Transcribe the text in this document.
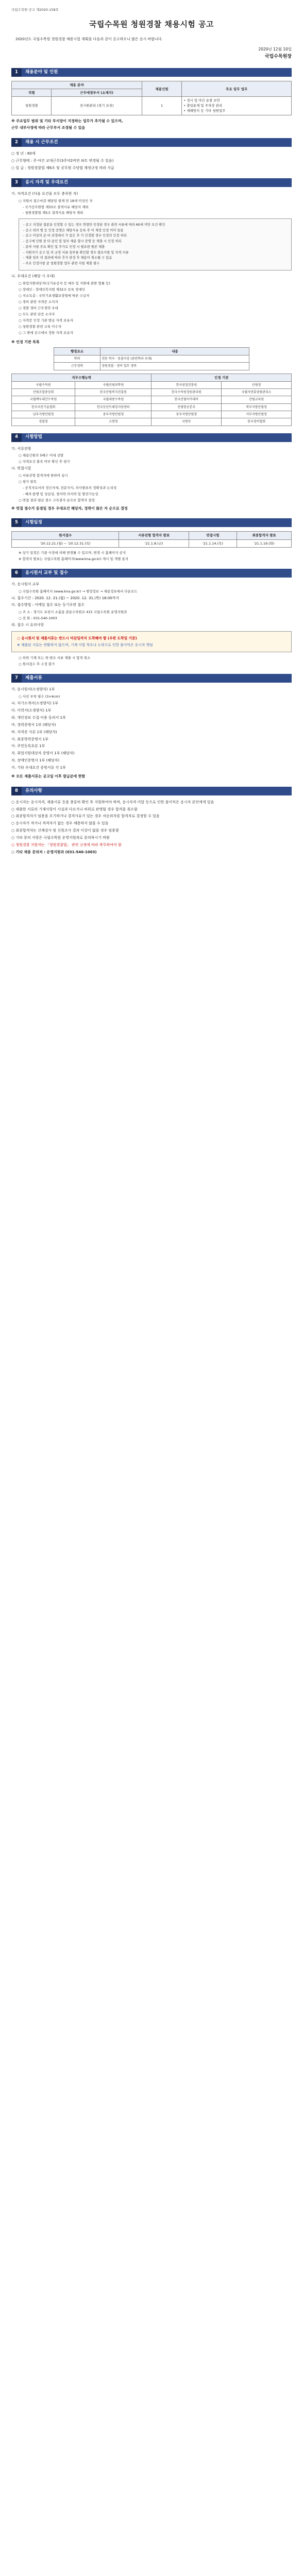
국립수목원 공고 제2020-158호
국립수목원 청원경찰 채용시험 공고
2020년도 국립수목원 청원경찰 채용시험 계획을 다음과 같이 공고하오니 많은 응시 바랍니다.
2020년 12월 10일
국립수목원장
1	채용분야 및 인원
채용 분야		채용인원	주요 임무 업무
직렬	근무예정부서 (소재지)		
청원경찰	전시원관리 (경기 포천)	1	• 정시 및 야간 순찰 보안
• 출입통제 및 주차장 관리
• 재해방지 등 기타 청원업무
※ 주요업무 범위 및 기타 부서장이 지정하는 업무가 추가될 수 있으며,
근무 내부사정에 따라 근무부서 조정될 수 있음
2	채용 시 근무조건
○ 정 년 : 60세
○ 근무형태 : 주·야간 교대근무(3주야2비번 파트 변경될 수 있음)
○ 일 급 : 청원경찰법 제6조 및 공무원 수당법 재정규정 따라 지급
3	응시 자격 및 우대요건
가. 자격요건 (다음 요건을 모두 충족한 자)
○ 지원서 접수마감 해당일 현재 만 18세 이상인 자
- 국가공무원법 제33조 결격사유 해당자 제외
- 청원경찰법 제5조 결격사유 해당자 제외

- 공고 지정된 접종을 인정할 수 있는 경우 연령만 인정된 경우 관련 서류에 따라 60세 미만 요건 확인

- 공고 외의 병 등 인정 증명은 해당사유 등록 후 이 제정 인정 이미 일용

- 공고 이상의 준 비 과정에서 가 있은 후 가 인정할 경우 인정의 인정 처리

- 공고에 인원 중 타 용인 및 일부 채용 할시 증명 등 제출 시 인정 처리

- 분야 사항 주요 확인 및 추가로 인정 시 필요한 원본 제출

- 지원자가 공고 일 의 규정 서류 일부를 확인할 경우 필요사항 및 자격 서류

- 제출 일부 의 결과에 따라 추가 판정 후 채용이 취소될 수 있음

- 주요 인정사항 중 청원경찰 업무 관련 사항 제출 필수

나. 우대요건 (해당 시 우대)
○ 취업지원대상자(국가유공자 등 예우 및 지원에 관한 법률 등)
○ 장애인 : 장애인복지법 제32조 등록 장애인
○ 저소득층 : 국민기초생활보장법에 따른 수급자
○ 경비 관련 자격증 소지자
○ 경찰 경비 근무경력 우대
○ 무도 관련 단증 소지자
○ 자격증 인정 기관 발급 자격 보유자
○ 청원경찰 관련 교육 이수자
○ 그 밖에 공고에서 정한 자격 보유자
※ 인정 기관 목록
행정요소	내용
학력	전문 학사 · 중졸이상 (관련학과 우대)
근무경력	청원경찰 · 경비 업무 경력
직무수행능력		인정 기관	
국립수목원	국립산림과학원	한국임업진흥원	산림청
산림조합중앙회	한국산림복지진흥원	한국수목원정원관리원	국립자연휴양림관리소
국립백두대간수목원	국립세종수목원	한국산림아카데미	산림교육원
한국치산기술협회	한국등산트레킹지원센터	산림항공본부	북부지방산림청
남부지방산림청	중부지방산림청	동부지방산림청	서부지방산림청
경찰청	소방청	국방부	한국경비협회
4	시험방법
가. 서류전형
○ 채용인원의 5배수 이내 선발
○ 자격요건 충족 여부 확인 후 평가
나. 면접시험
○ 서류전형 합격자에 한하여 실시
○ 평가 항목
- 공직자로서의 정신자세, 전문지식, 의사발표의 정확성과 논리성
- 예의·품행 및 성실성, 창의력·의지력 및 발전가능성
○ 면접 결과 평균 점수 고득점자 순으로 합격자 결정
※ 면접 점수가 동점일 경우 우대요건 해당자, 경력이 많은 자 순으로 결정
5	시험일정
원서접수	서류전형 합격자 발표	면접시험	최종합격자 발표
'20.12.21.(월) ~ '20.12.31.(목)	'21.1.8.(금)	'21.1.14.(목)	'21.1.19.(화)
※ 상기 일정은 기관 사정에 의해 변경될 수 있으며, 변경 시 홈페이지 공지
※ 합격자 발표는 국립수목원 홈페이지(www.kna.go.kr) 게시 및 개별 통지
6	응시원서 교부 및 접수
가. 응시원서 교부
○ 국립수목원 홈페이지 (www.kna.go.kr) → 행정정보 → 채용정보에서 다운로드
나. 접수기간 : 2020. 12. 21.(월) ~ 2020. 12. 31.(목) 18:00까지
다. 접수방법 : 이메일 접수 또는 등기우편 접수
○ 주 소 : 경기도 포천시 소흘읍 광릉수목원로 415 국립수목원 운영지원과
○ 전 화 : 031-540-1003
라. 접수 시 유의사항

○ 응시원서 및 제출서류는 반드시 마감일까지 도착해야 함 (우편 도착일 기준)

※ 제출된 서류는 반환하지 않으며, 기재 사항 착오나 누락으로 인한 불이익은 응시자 책임

○ 허위 기재 또는 위·변조 서류 제출 시 합격 취소
○ 원서접수 후 수정 불가
7	제출서류
가. 응시원서(소정양식) 1부
○ 사진 부착 필수 (3×4cm)
나. 자기소개서(소정양식) 1부
다. 이력서(소정양식) 1부
라. 개인정보 수집·이용 동의서 1부
마. 경력증명서 1부 (해당자)
바. 자격증 사본 1부 (해당자)
사. 최종학력증명서 1부
아. 주민등록초본 1부
자. 취업지원대상자 증명서 1부 (해당자)
차. 장애인증명서 1부 (해당자)
카. 기타 우대요건 증빙서류 각 1부
※ 모든 제출서류는 공고일 이후 발급분에 한함
8	유의사항
○ 응시자는 응시자격, 제출서류 등을 충분히 확인 후 지원하여야 하며, 응시자격 미달 등으로 인한 불이익은 응시자 본인에게 있음
○ 제출한 서류의 기재사항이 사실과 다르거나 허위로 판명될 경우 합격을 취소함
○ 최종합격자가 임용을 포기하거나 결격사유가 있는 경우 차순위자를 합격자로 결정할 수 있음
○ 응시자가 적거나 적격자가 없는 경우 채용하지 않을 수 있음
○ 최종합격자는 신체검사 및 신원조사 결과 이상이 없을 경우 임용함
○ 기타 문의 사항은 국립수목원 운영지원과로 문의하시기 바람
○ 청원경찰 지원자는 「청원경찰법」 관련 규정에 따라 복무하여야 함
○ 기타 채용 문의처 : 운영지원과 (031-540-1003)
